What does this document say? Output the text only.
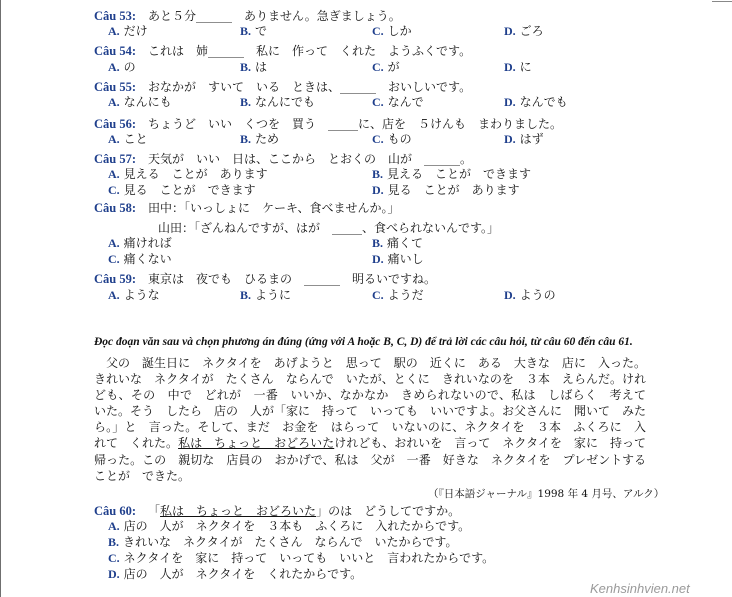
Câu 53: あと５分______　ありません。急ぎましょう。
A. だけ	B. で	C. しか	D. ごろ
Câu 54: これは　姉______　私に　作って　くれた　ようふくです。
A. の	B. は	C. が	D. に
Câu 55: おなかが　すいて　いる　ときは、______　おいしいです。
A. なんにも	B. なんにでも	C. なんで	D. なんでも
Câu 56: ちょうど　いい　くつを　買う　_____に、店を　５けんも　まわりました。
A. こと	B. ため	C. もの	D. はず
Câu 57: 天気が　いい　日は、ここから　とおくの　山が　______。
A. 見える　ことが　あります	B. 見える　ことが　できます
C. 見る　ことが　できます	D. 見る　ことが　あります
Câu 58: 田中：「いっしょに　ケーキ、食べませんか。」
山田：「ざんねんですが、はが　_____、食べられないんです。」
A. 痛ければ	B. 痛くて
C. 痛くない	D. 痛いし
Câu 59: 東京は　夜でも　ひるまの　______　明るいですね。
A. ような	B. ように	C. ようだ	D. ようの
Đọc đoạn văn sau và chọn phương án đúng (ứng với A hoặc B, C, D) để trả lời các câu hỏi, từ câu 60 đến câu 61.
父の　誕生日に　ネクタイを　あげようと　思って　駅の　近くに　ある　大きな　店に　入った。きれいな　ネクタイが　たくさん　ならんで　いたが、とくに　きれいなのを　３本　えらんだ。けれども、その　中で　どれが　一番　いいか、なかなか　きめられないので、私は　しばらく　考えて　いた。そう　したら　店の　人が「家に　持って　いっても　いいですよ。お父さんに　聞いて　みたら。」と　言った。そして、まだ　お金を　はらって　いないのに、ネクタイを　３本　ふくろに　入れて　くれた。私は　ちょっと　おどろいたけれども、おれいを　言って　ネクタイを　家に　持って　帰った。この　親切な　店員の　おかげで、私は　父が　一番　好きな　ネクタイを　プレゼントする　ことが　できた。
（『日本語ジャーナル』1998 年 4 月号、アルク）
Câu 60: 「私は　ちょっと　おどろいた」のは　どうしてですか。
A. 店の　人が　ネクタイを　３本も　ふくろに　入れたからです。
B. きれいな　ネクタイが　たくさん　ならんで　いたからです。
C. ネクタイを　家に　持って　いっても　いいと　言われたからです。
D. 店の　人が　ネクタイを　くれたからです。
Kenhsinhvien.net
